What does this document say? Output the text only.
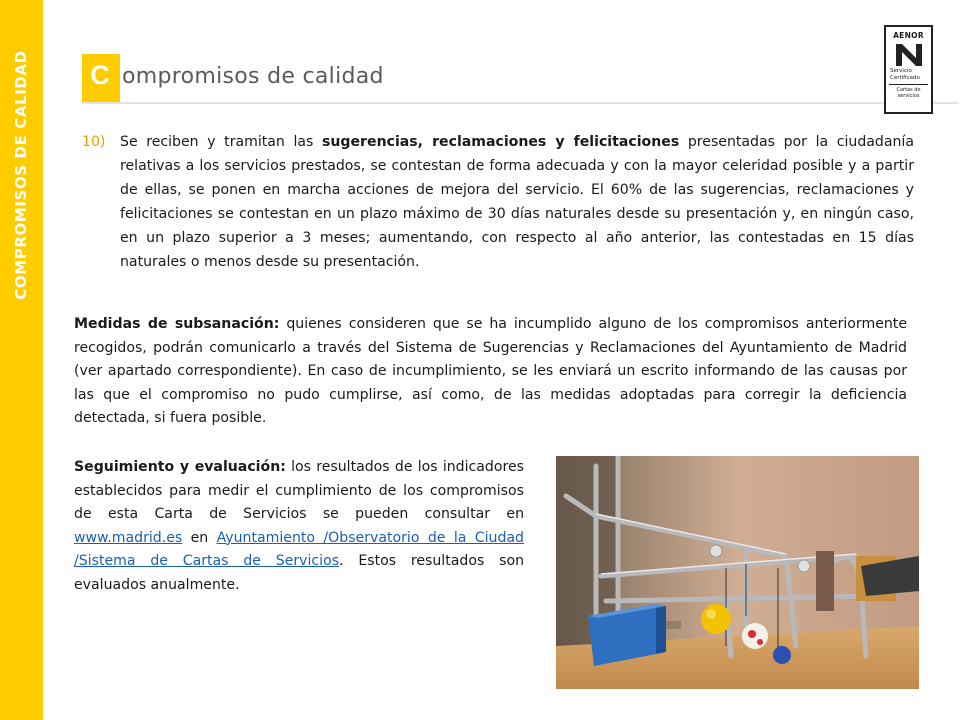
COMPROMISOS DE CALIDAD	C ompromisos de calidad
AENOR
Servicio
Certificado
Cartas de servicios
10) Se reciben y tramitan las sugerencias, reclamaciones y felicitaciones presentadas por la ciudadanía relativas a los servicios prestados, se contestan de forma adecuada y con la mayor celeridad posible y a partir de ellas, se ponen en marcha acciones de mejora del servicio. El 60% de las sugerencias, reclamaciones y felicitaciones se contestan en un plazo máximo de 30 días naturales desde su presentación y, en ningún caso, en un plazo superior a 3 meses; aumentando, con respecto al año anterior, las contestadas en 15 días naturales o menos desde su presentación.
Medidas de subsanación: quienes consideren que se ha incumplido alguno de los compromisos anteriormente recogidos, podrán comunicarlo a través del Sistema de Sugerencias y Reclamaciones del Ayuntamiento de Madrid (ver apartado correspondiente). En caso de incumplimiento, se les enviará un escrito informando de las causas por las que el compromiso no pudo cumplirse, así como, de las medidas adoptadas para corregir la deficiencia detectada, si fuera posible.
Seguimiento y evaluación: los resultados de los indicadores establecidos para medir el cumplimiento de los compromisos de esta Carta de Servicios se pueden consultar en www.madrid.es en Ayuntamiento /Observatorio de la Ciudad /Sistema de Cartas de Servicios. Estos resultados son evaluados anualmente.
